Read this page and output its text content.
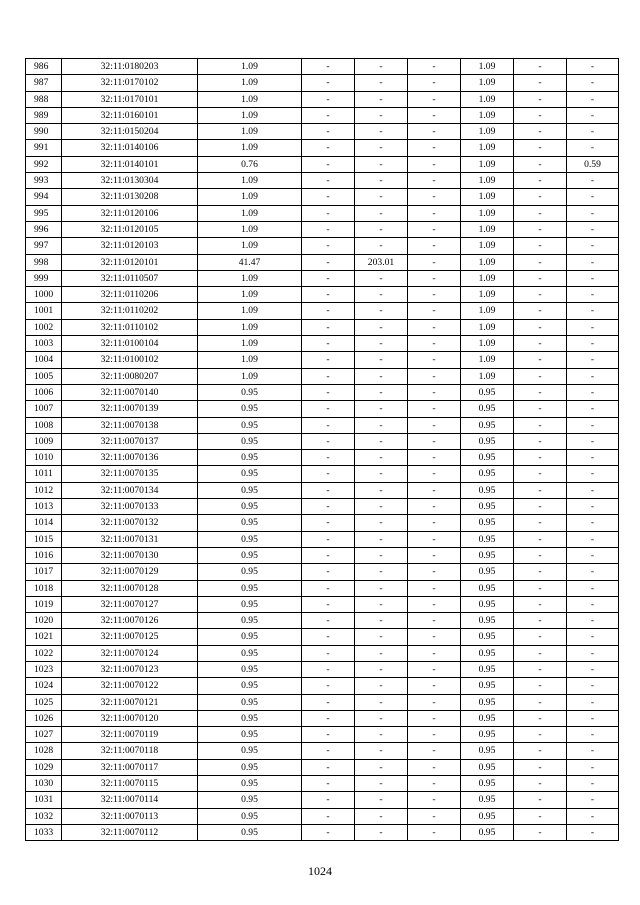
986	32:11:0180203	1.09	-	-	-	1.09	-	-
987	32:11:0170102	1.09	-	-	-	1.09	-	-
988	32:11:0170101	1.09	-	-	-	1.09	-	-
989	32:11:0160101	1.09	-	-	-	1.09	-	-
990	32:11:0150204	1.09	-	-	-	1.09	-	-
991	32:11:0140106	1.09	-	-	-	1.09	-	-
992	32:11:0140101	0.76	-	-	-	1.09	-	0.59
993	32:11:0130304	1.09	-	-	-	1.09	-	-
994	32:11:0130208	1.09	-	-	-	1.09	-	-
995	32:11:0120106	1.09	-	-	-	1.09	-	-
996	32:11:0120105	1.09	-	-	-	1.09	-	-
997	32:11:0120103	1.09	-	-	-	1.09	-	-
998	32:11:0120101	41.47	-	203.01	-	1.09	-	-
999	32:11:0110507	1.09	-	-	-	1.09	-	-
1000	32:11:0110206	1.09	-	-	-	1.09	-	-
1001	32:11:0110202	1.09	-	-	-	1.09	-	-
1002	32:11:0110102	1.09	-	-	-	1.09	-	-
1003	32:11:0100104	1.09	-	-	-	1.09	-	-
1004	32:11:0100102	1.09	-	-	-	1.09	-	-
1005	32:11:0080207	1.09	-	-	-	1.09	-	-
1006	32:11:0070140	0.95	-	-	-	0.95	-	-
1007	32:11:0070139	0.95	-	-	-	0.95	-	-
1008	32:11:0070138	0.95	-	-	-	0.95	-	-
1009	32:11:0070137	0.95	-	-	-	0.95	-	-
1010	32:11:0070136	0.95	-	-	-	0.95	-	-
1011	32:11:0070135	0.95	-	-	-	0.95	-	-
1012	32:11:0070134	0.95	-	-	-	0.95	-	-
1013	32:11:0070133	0.95	-	-	-	0.95	-	-
1014	32:11:0070132	0.95	-	-	-	0.95	-	-
1015	32:11:0070131	0.95	-	-	-	0.95	-	-
1016	32:11:0070130	0.95	-	-	-	0.95	-	-
1017	32:11:0070129	0.95	-	-	-	0.95	-	-
1018	32:11:0070128	0.95	-	-	-	0.95	-	-
1019	32:11:0070127	0.95	-	-	-	0.95	-	-
1020	32:11:0070126	0.95	-	-	-	0.95	-	-
1021	32:11:0070125	0.95	-	-	-	0.95	-	-
1022	32:11:0070124	0.95	-	-	-	0.95	-	-
1023	32:11:0070123	0.95	-	-	-	0.95	-	-
1024	32:11:0070122	0.95	-	-	-	0.95	-	-
1025	32:11:0070121	0.95	-	-	-	0.95	-	-
1026	32:11:0070120	0.95	-	-	-	0.95	-	-
1027	32:11:0070119	0.95	-	-	-	0.95	-	-
1028	32:11:0070118	0.95	-	-	-	0.95	-	-
1029	32:11:0070117	0.95	-	-	-	0.95	-	-
1030	32:11:0070115	0.95	-	-	-	0.95	-	-
1031	32:11:0070114	0.95	-	-	-	0.95	-	-
1032	32:11:0070113	0.95	-	-	-	0.95	-	-
1033	32:11:0070112	0.95	-	-	-	0.95	-	-
1024
